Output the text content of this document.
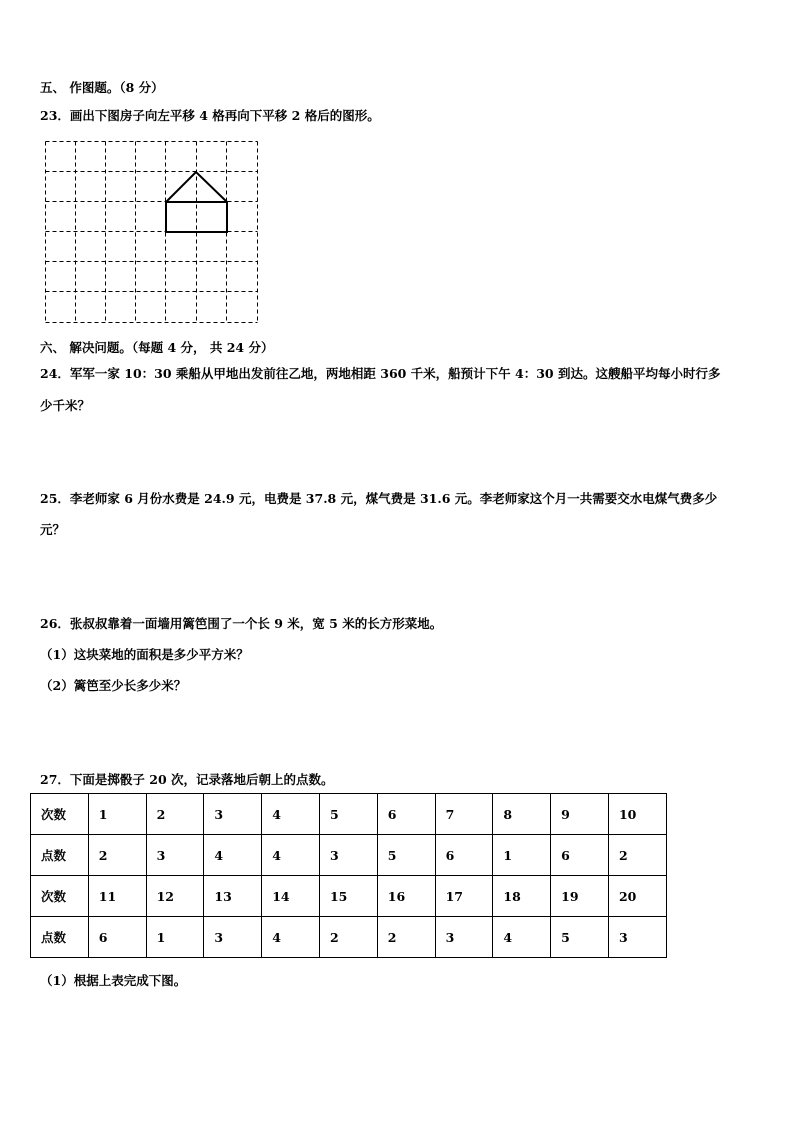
五、 作图题。（8 分）
23．画出下图房子向左平移 4 格再向下平移 2 格后的图形。
六、 解决问题。（每题 4 分， 共 24 分）
24．军军一家 10：30 乘船从甲地出发前往乙地，两地相距 360 千米，船预计下午 4：30 到达。这艘船平均每小时行多
少千米？
25．李老师家 6 月份水费是 24.9 元，电费是 37.8 元，煤气费是 31.6 元。李老师家这个月一共需要交水电煤气费多少
元？
26．张叔叔靠着一面墙用篱笆围了一个长 9 米，宽 5 米的长方形菜地。
（1）这块菜地的面积是多少平方米？
（2）篱笆至少长多少米？
27．下面是掷骰子 20 次，记录落地后朝上的点数。
次数	1	2	3	4	5	6	7	8	9	10
点数	2	3	4	4	3	5	6	1	6	2
次数	11	12	13	14	15	16	17	18	19	20
点数	6	1	3	4	2	2	3	4	5	3
（1）根据上表完成下图。
